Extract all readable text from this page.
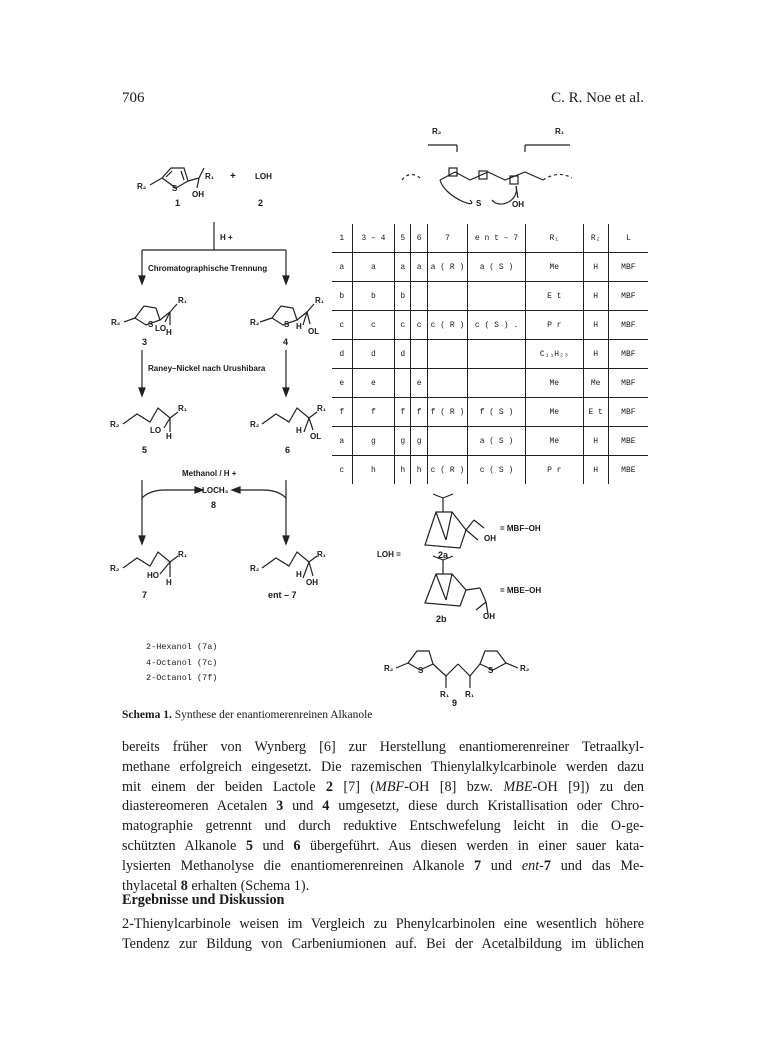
706	C. R. Noe et al.
R₂	S
R₁
OH
+ LOH
1	2
R₂	R₁
S	OH
H +
Chromatographische Trennung
R₂
R₁
S LO H
3
R₂
R₁
S H
OL
4
Raney–Nickel nach Urushibara
R₂
R₁
LO
H
5
R₂
R₁
H
OL
6
Methanol / H +
LOCH₃
8
R₂
R₁
HO
H
7
R₂
R₁
H
OH
ent – 7
LOH =
OH
= MBF–OH
2a
= MBE–OH
OH
2b
R₂	S
R₁ R₁
S	R₂
9
2-Hexanol (7a)
4-Octanol (7c)
2-Octanol (7f)
1	3 – 4	5	6	7	e n t – 7	R₁	R₂	L
a	a	a	a	a ( R )	a ( S )	Me	H	MBF
b	b	b				E t	H	MBF
c	c	c	c	c ( R )	c ( S ) .	P r	H	MBF
d	d	d				C₁₁H₂₃	H	MBF
e	e		e			Me	Me	MBF
f	f	f	f	f ( R )	f ( S )	Me	E t	MBF
a	g	g	g		a ( S )	Me	H	MBE
c	h	h	h	c ( R )	c ( S )	P r	H	MBE
Schema 1. Synthese der enantiomerenreinen Alkanole
bereits früher von Wynberg [6] zur Herstellung enantiomerenreiner Tetraalkyl-
methane erfolgreich eingesetzt. Die razemischen Thienylalkylcarbinole werden dazu
mit einem der beiden Lactole 2 [7] (MBF-OH [8] bzw. MBE-OH [9]) zu den
diastereomeren Acetalen 3 und 4 umgesetzt, diese durch Kristallisation oder Chro-
matographie getrennt und durch reduktive Entschwefelung leicht in die O-ge-
schützten Alkanole 5 und 6 übergeführt. Aus diesen werden in einer sauer kata-
lysierten Methanolyse die enantiomerenreinen Alkanole 7 und ent-7 und das Me-
thylacetal 8 erhalten (Schema 1).
Ergebnisse und Diskussion
2-Thienylcarbinole weisen im Vergleich zu Phenylcarbinolen eine wesentlich höhere
Tendenz zur Bildung von Carbeniumionen auf. Bei der Acetalbildung im üblichen
